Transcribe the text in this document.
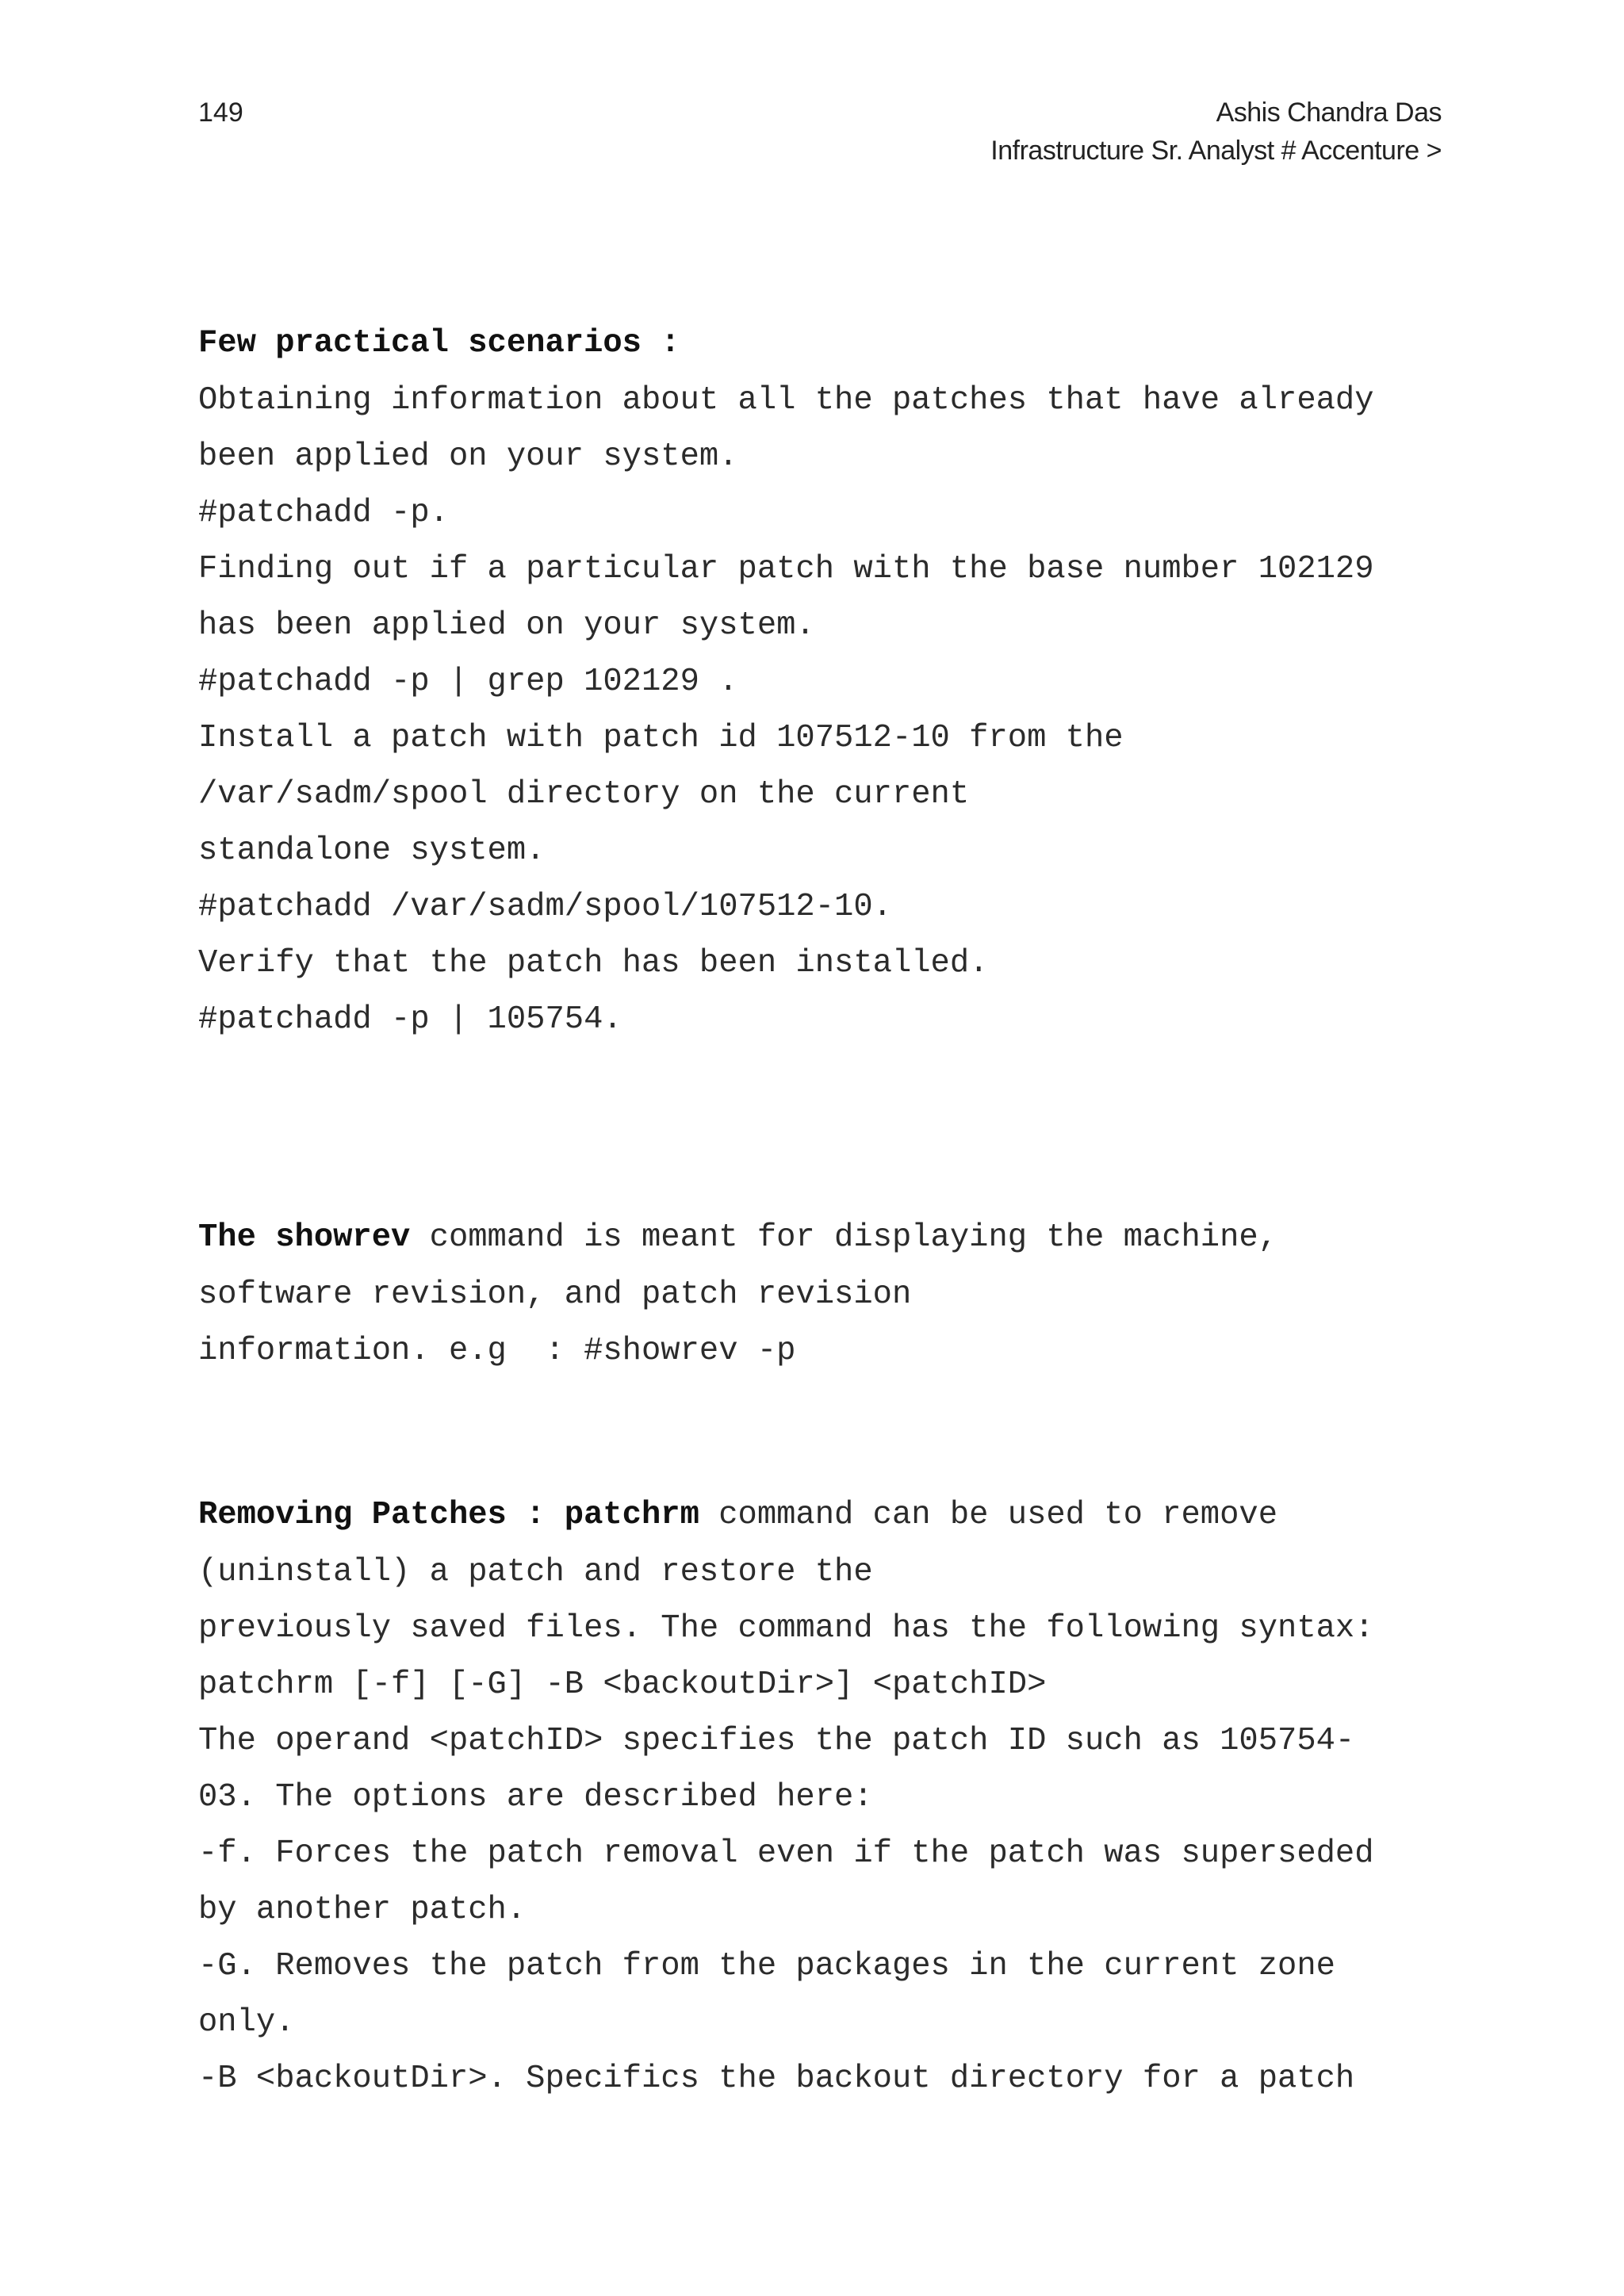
149	Ashis Chandra Das
Infrastructure Sr. Analyst # Accenture >
Few practical scenarios :
Obtaining information about all the patches that have already
been applied on your system.
#patchadd -p.
Finding out if a particular patch with the base number 102129
has been applied on your system.
#patchadd -p | grep 102129 .
Install a patch with patch id 107512-10 from the
/var/sadm/spool directory on the current
standalone system.
#patchadd /var/sadm/spool/107512-10.
Verify that the patch has been installed.
#patchadd -p | 105754.
The showrev command is meant for displaying the machine,
software revision, and patch revision
information. e.g  : #showrev -p
Removing Patches : patchrm command can be used to remove
(uninstall) a patch and restore the
previously saved files. The command has the following syntax:
patchrm [-f] [-G] -B <backoutDir>] <patchID>
The operand <patchID> specifies the patch ID such as 105754-
03. The options are described here:
-f. Forces the patch removal even if the patch was superseded
by another patch.
-G. Removes the patch from the packages in the current zone
only.
-B <backoutDir>. Specifics the backout directory for a patch
